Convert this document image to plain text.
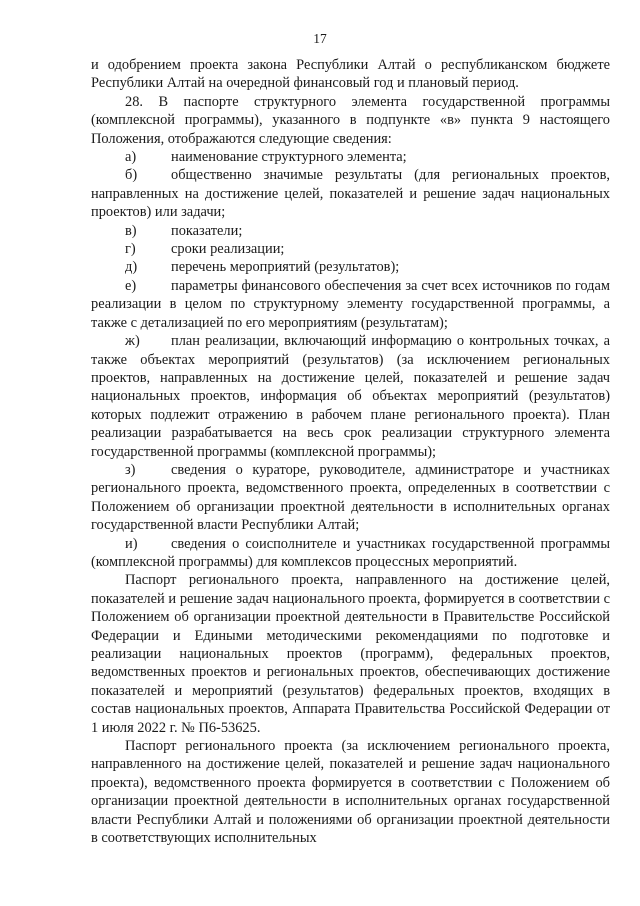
17

и одобрением проекта закона Республики Алтай о республиканском бюджете Республики Алтай на очередной финансовый год и плановый период.

28. В паспорте структурного элемента государственной программы (комплексной программы), указанного в подпункте «в» пункта 9 настоящего Положения, отображаются следующие сведения:

а) наименование структурного элемента;

б) общественно значимые результаты (для региональных проектов, направленных на достижение целей, показателей и решение задач национальных проектов) или задачи;

в) показатели;

г) сроки реализации;

д) перечень мероприятий (результатов);

е) параметры финансового обеспечения за счет всех источников по годам реализации в целом по структурному элементу государственной программы, а также с детализацией по его мероприятиям (результатам);

ж) план реализации, включающий информацию о контрольных точках, а также объектах мероприятий (результатов) (за исключением региональных проектов, направленных на достижение целей, показателей и решение задач национальных проектов, информация об объектах мероприятий (результатов) которых подлежит отражению в рабочем плане регионального проекта). План реализации разрабатывается на весь срок реализации структурного элемента государственной программы (комплексной программы);

з) сведения о кураторе, руководителе, администраторе и участниках регионального проекта, ведомственного проекта, определенных в соответствии с Положением об организации проектной деятельности в исполнительных органах государственной власти Республики Алтай;

и) сведения о соисполнителе и участниках государственной программы (комплексной программы) для комплексов процессных мероприятий.

Паспорт регионального проекта, направленного на достижение целей, показателей и решение задач национального проекта, формируется в соответствии с Положением об организации проектной деятельности в Правительстве Российской Федерации и Едиными методическими рекомендациями по подготовке и реализации национальных проектов (программ), федеральных проектов, ведомственных проектов и региональных проектов, обеспечивающих достижение показателей и мероприятий (результатов) федеральных проектов, входящих в состав национальных проектов, Аппарата Правительства Российской Федерации от 1 июля 2022 г. № П6-53625.

Паспорт регионального проекта (за исключением регионального проекта, направленного на достижение целей, показателей и решение задач национального проекта), ведомственного проекта формируется в соответствии с Положением об организации проектной деятельности в исполнительных органах государственной власти Республики Алтай и положениями об организации проектной деятельности в соответствующих исполнительных
